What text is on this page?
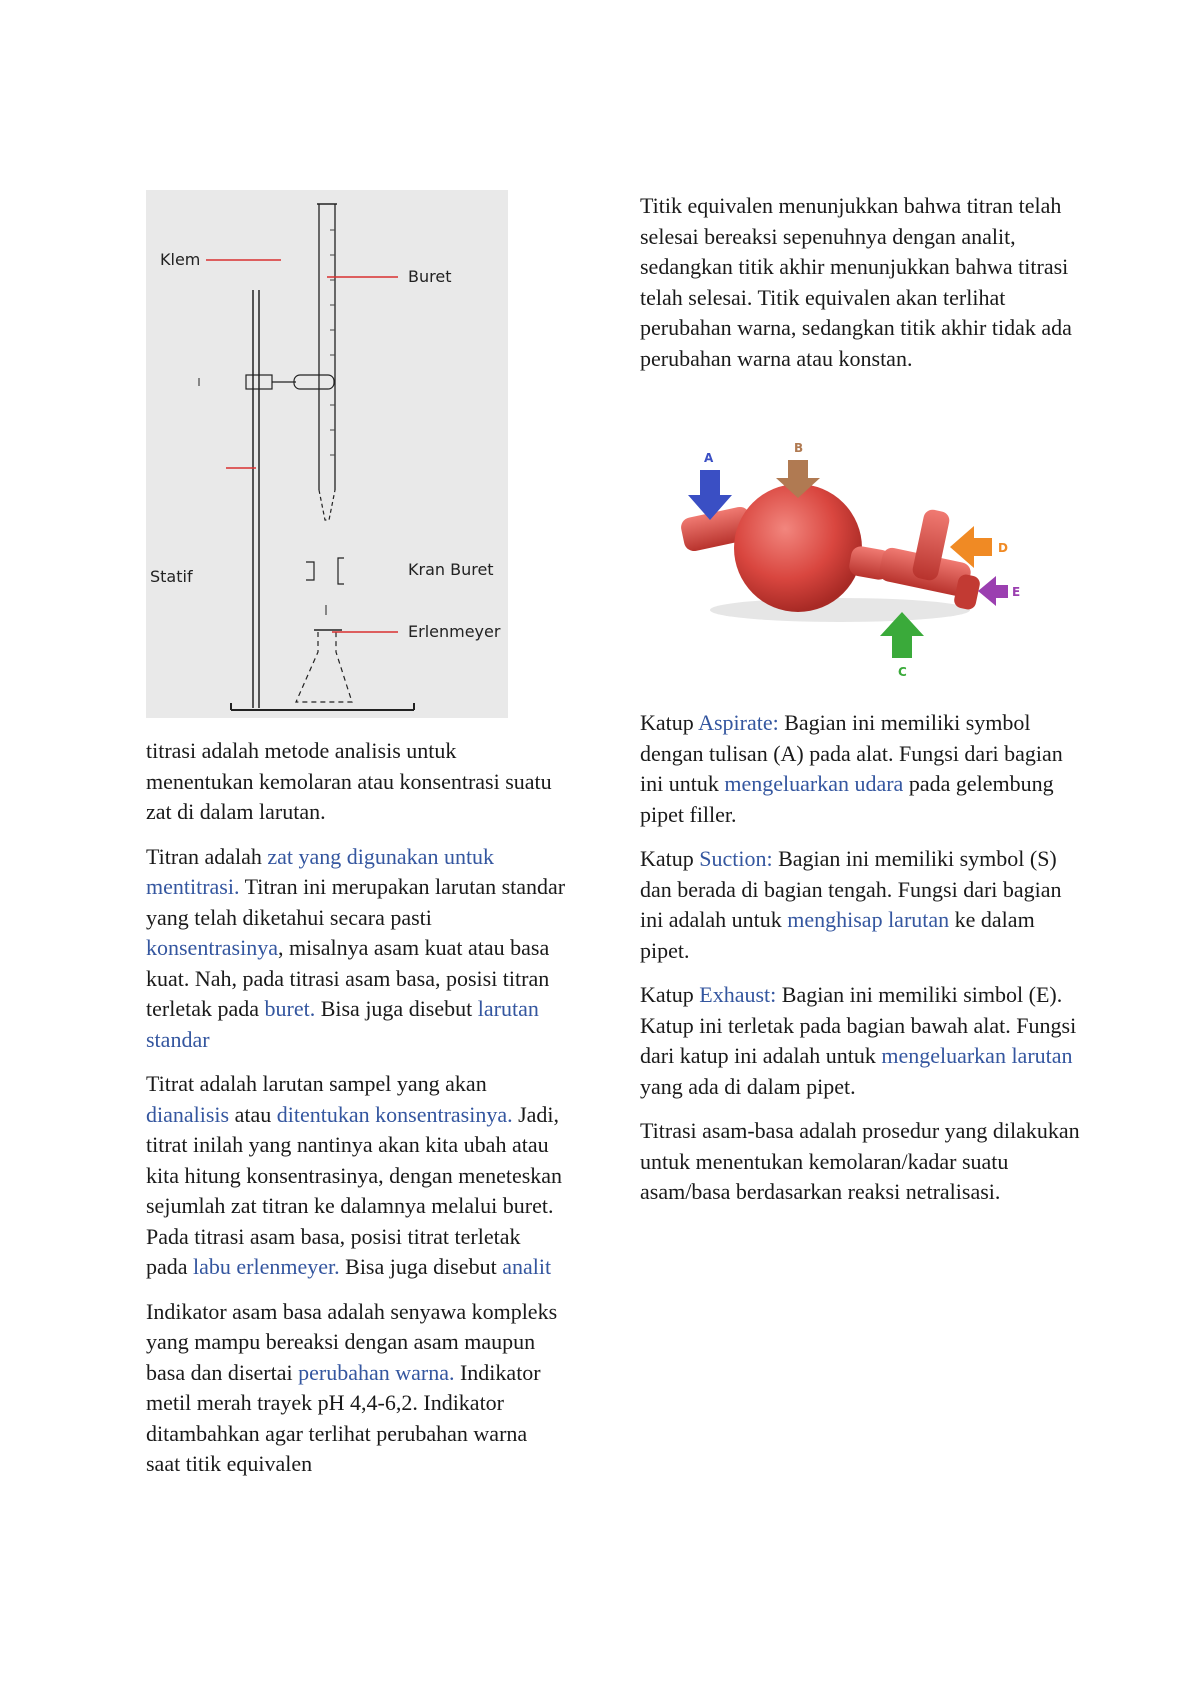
Klem
Buret
Statif	Kran Buret
Erlenmeyer

titrasi adalah metode analisis untuk menentukan kemolaran atau konsentrasi suatu zat di dalam larutan.

Titran adalah zat yang digunakan untuk mentitrasi. Titran ini merupakan larutan standar yang telah diketahui secara pasti konsentrasinya, misalnya asam kuat atau basa kuat. Nah, pada titrasi asam basa, posisi titran terletak pada buret. Bisa juga disebut larutan standar

Titrat adalah larutan sampel yang akan dianalisis atau ditentukan konsentrasinya. Jadi, titrat inilah yang nantinya akan kita ubah atau kita hitung konsentrasinya, dengan meneteskan sejumlah zat titran ke dalamnya melalui buret. Pada titrasi asam basa, posisi titrat terletak pada labu erlenmeyer. Bisa juga disebut analit

Indikator asam basa adalah senyawa kompleks yang mampu bereaksi dengan asam maupun basa dan disertai perubahan warna. Indikator metil merah trayek pH 4,4-6,2. Indikator ditambahkan agar terlihat perubahan warna saat titik equivalen

Titik equivalen menunjukkan bahwa titran telah selesai bereaksi sepenuhnya dengan analit, sedangkan titik akhir menunjukkan bahwa titrasi telah selesai. Titik equivalen akan terlihat perubahan warna, sedangkan titik akhir tidak ada perubahan warna atau konstan.

A
B
C
D
E

Katup Aspirate: Bagian ini memiliki symbol dengan tulisan (A) pada alat. Fungsi dari bagian ini untuk mengeluarkan udara pada gelembung pipet filler.

Katup Suction: Bagian ini memiliki symbol (S) dan berada di bagian tengah. Fungsi dari bagian ini adalah untuk menghisap larutan ke dalam pipet.

Katup Exhaust: Bagian ini memiliki simbol (E). Katup ini terletak pada bagian bawah alat. Fungsi dari katup ini adalah untuk mengeluarkan larutan yang ada di dalam pipet.

Titrasi asam-basa adalah prosedur yang dilakukan untuk menentukan kemolaran/kadar suatu asam/basa berdasarkan reaksi netralisasi.
